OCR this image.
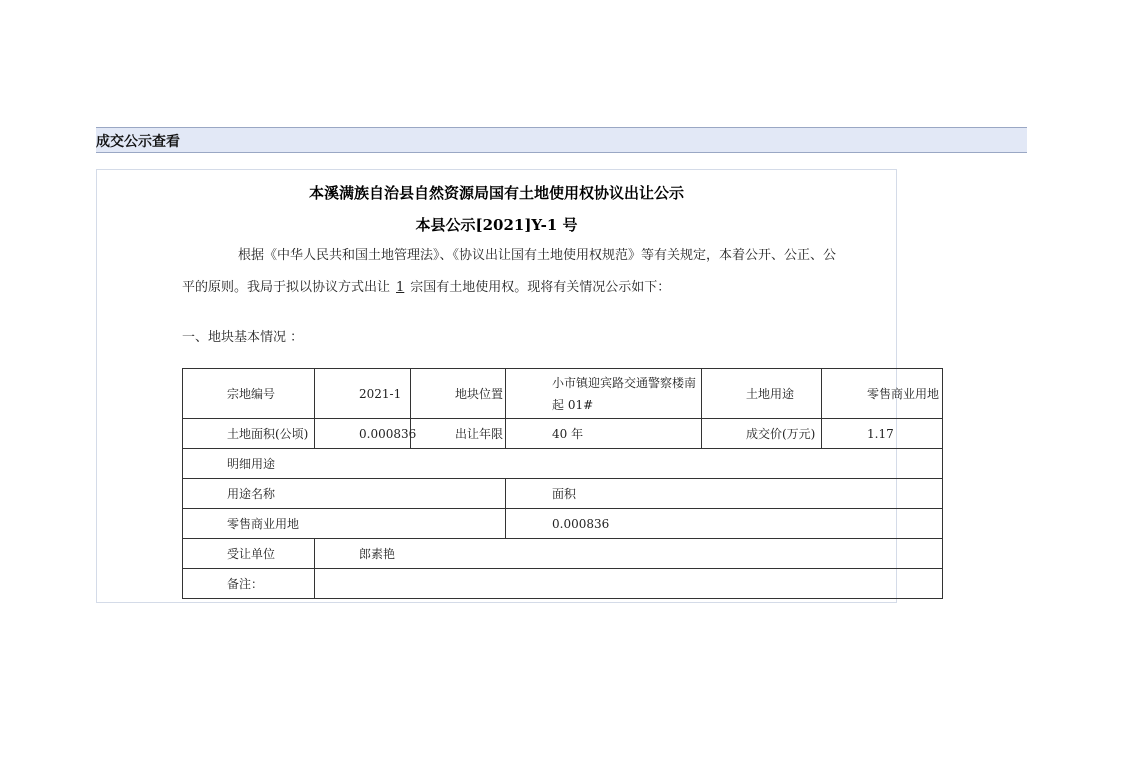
成交公示查看
本溪满族自治县自然资源局国有土地使用权协议出让公示
本县公示[2021]Y-1 号
根据《中华人民共和国土地管理法》、《协议出让国有土地使用权规范》等有关规定，本着公开、公正、公
平的原则。我局于拟以协议方式出让 1 宗国有土地使用权。现将有关情况公示如下：
一、地块基本情况 ：
宗地编号	2021-1	地块位置	小市镇迎宾路交通警察楼南起 01#	土地用途	零售商业用地
土地面积(公顷)	0.000836	出让年限	40 年	成交价(万元)	1.17
明细用途					
用途名称			面积		
零售商业用地			0.000836		
受让单位	郎素艳				
备注：					
